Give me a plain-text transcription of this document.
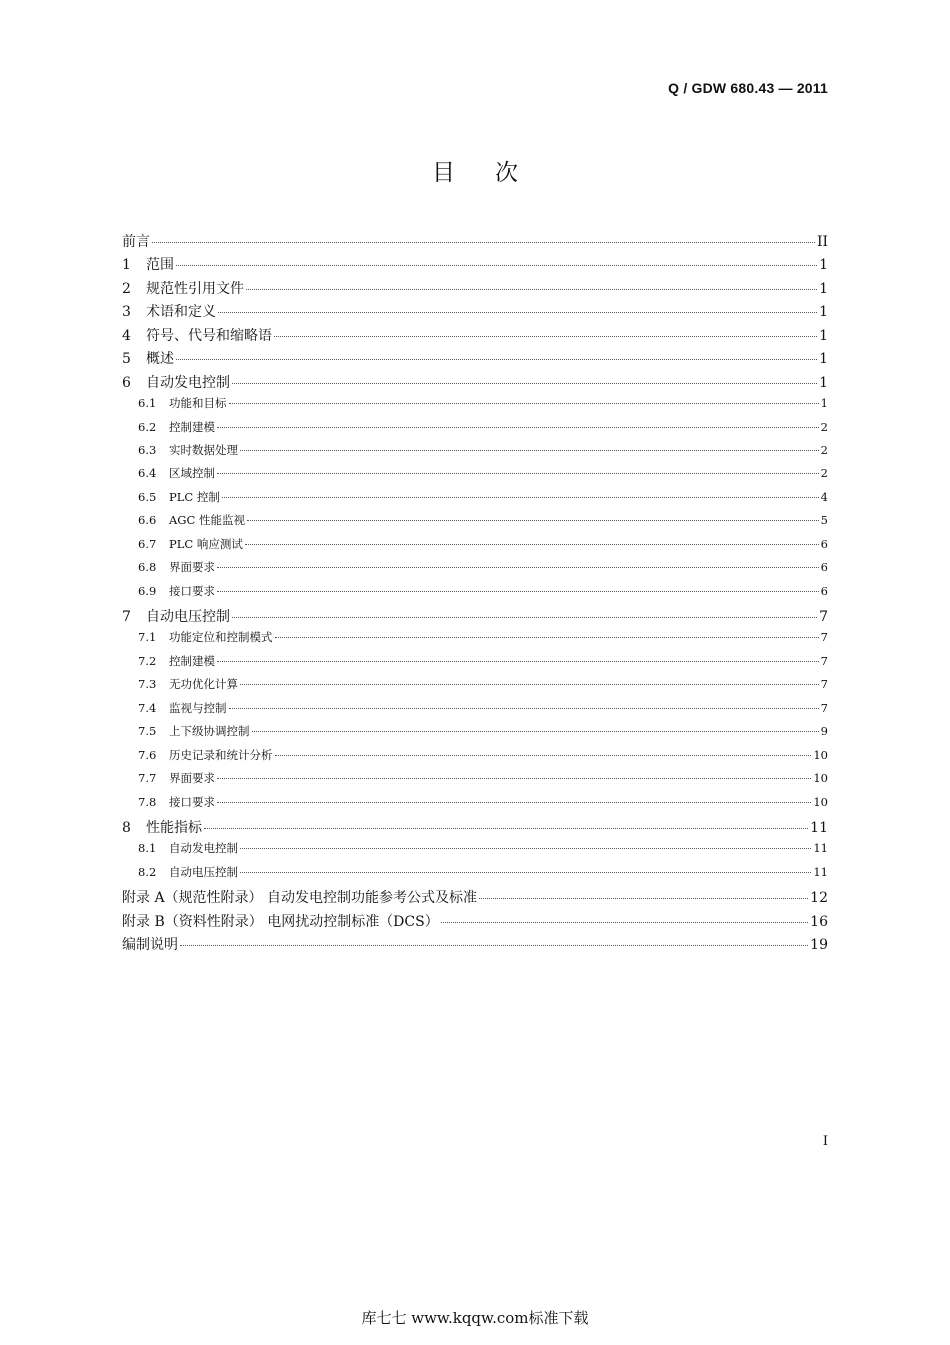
Q / GDW 680.43 — 2011
目次
前言	II
1	范围	1
2	规范性引用文件	1
3	术语和定义	1
4	符号、代号和缩略语	1
5	概述	1
6	自动发电控制	1
6.1	功能和目标	1
6.2	控制建模	2
6.3	实时数据处理	2
6.4	区域控制	2
6.5	PLC 控制	4
6.6	AGC 性能监视	5
6.7	PLC 响应测试	6
6.8	界面要求	6
6.9	接口要求	6
7	自动电压控制	7
7.1	功能定位和控制模式	7
7.2	控制建模	7
7.3	无功优化计算	7
7.4	监视与控制	7
7.5	上下级协调控制	9
7.6	历史记录和统计分析	10
7.7	界面要求	10
7.8	接口要求	10
8	性能指标	11
8.1	自动发电控制	11
8.2	自动电压控制	11
附录 A（规范性附录） 自动发电控制功能参考公式及标准	12
附录 B（资料性附录） 电网扰动控制标准（DCS）	16
编制说明	19
I
库七七 www.kqqw.com标准下载
